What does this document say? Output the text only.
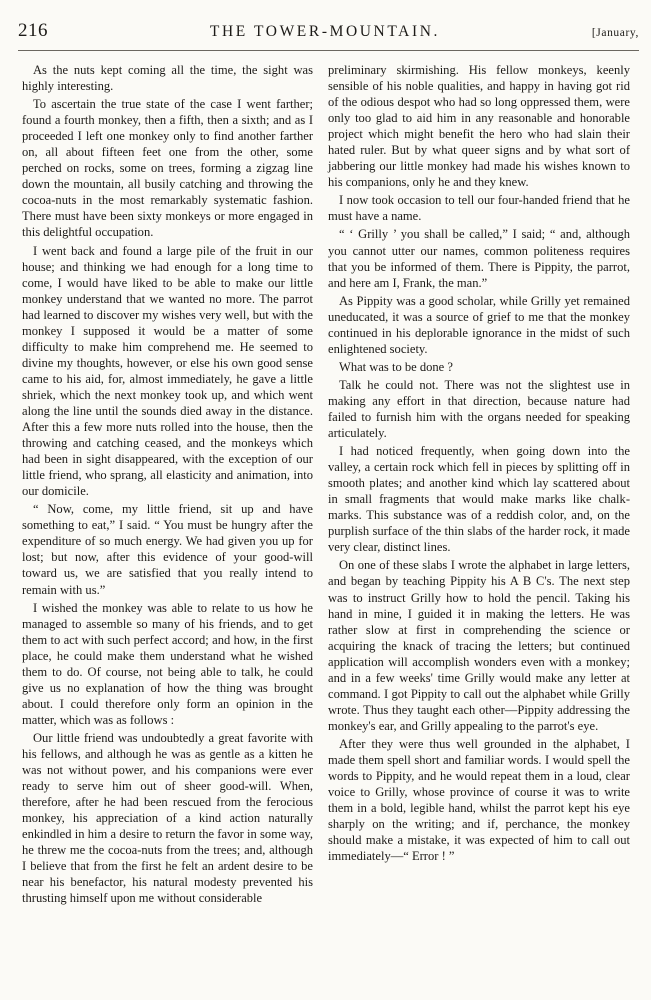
216	THE TOWER-MOUNTAIN.	[January,

As the nuts kept coming all the time, the sight was highly interesting.

To ascertain the true state of the case I went farther; found a fourth monkey, then a fifth, then a sixth; and as I proceeded I left one monkey only to find another farther on, all about fifteen feet one from the other, some perched on rocks, some on trees, forming a zigzag line down the mountain, all busily catching and throwing the cocoa-nuts in the most remarkably systematic fashion. There must have been sixty monkeys or more engaged in this delightful occupation.

I went back and found a large pile of the fruit in our house; and thinking we had enough for a long time to come, I would have liked to be able to make our little monkey understand that we wanted no more. The parrot had learned to discover my wishes very well, but with the monkey I supposed it would be a matter of some difficulty to make him comprehend me. He seemed to divine my thoughts, however, or else his own good sense came to his aid, for, almost immediately, he gave a little shriek, which the next monkey took up, and which went along the line until the sounds died away in the distance. After this a few more nuts rolled into the house, then the throwing and catching ceased, and the monkeys which had been in sight disappeared, with the exception of our little friend, who sprang, all elasticity and animation, into our domicile.

“ Now, come, my little friend, sit up and have something to eat,” I said. “ You must be hungry after the expenditure of so much energy. We had given you up for lost; but now, after this evidence of your good-will toward us, we are satisfied that you really intend to remain with us.”

I wished the monkey was able to relate to us how he managed to assemble so many of his friends, and to get them to act with such perfect accord; and how, in the first place, he could make them understand what he wished them to do. Of course, not being able to talk, he could give us no explanation of how the thing was brought about. I could therefore only form an opinion in the matter, which was as follows :

Our little friend was undoubtedly a great favorite with his fellows, and although he was as gentle as a kitten he was not without power, and his companions were ever ready to serve him out of sheer good-will. When, therefore, after he had been rescued from the ferocious monkey, his appreciation of a kind action naturally enkindled in him a desire to return the favor in some way, he threw me the cocoa-nuts from the trees; and, although I believe that from the first he felt an ardent desire to be near his benefactor, his natural modesty prevented his thrusting himself upon me without considerable

preliminary skirmishing. His fellow monkeys, keenly sensible of his noble qualities, and happy in having got rid of the odious despot who had so long oppressed them, were only too glad to aid him in any reasonable and honorable project which might benefit the hero who had slain their hated ruler. But by what queer signs and by what sort of jabbering our little monkey had made his wishes known to his companions, only he and they knew.

I now took occasion to tell our four-handed friend that he must have a name.

“ ‘ Grilly ’ you shall be called,” I said; “ and, although you cannot utter our names, common politeness requires that you be informed of them. There is Pippity, the parrot, and here am I, Frank, the man.”

As Pippity was a good scholar, while Grilly yet remained uneducated, it was a source of grief to me that the monkey continued in his deplorable ignorance in the midst of such enlightened society.

What was to be done ?

Talk he could not. There was not the slightest use in making any effort in that direction, because nature had failed to furnish him with the organs needed for speaking articulately.

I had noticed frequently, when going down into the valley, a certain rock which fell in pieces by splitting off in smooth plates; and another kind which lay scattered about in small fragments that would make marks like chalk-marks. This substance was of a reddish color, and, on the purplish surface of the thin slabs of the harder rock, it made very clear, distinct lines.

On one of these slabs I wrote the alphabet in large letters, and began by teaching Pippity his A B C's. The next step was to instruct Grilly how to hold the pencil. Taking his hand in mine, I guided it in making the letters. He was rather slow at first in comprehending the science or acquiring the knack of tracing the letters; but continued application will accomplish wonders even with a monkey; and in a few weeks' time Grilly would make any letter at command. I got Pippity to call out the alphabet while Grilly wrote. Thus they taught each other—Pippity addressing the monkey's ear, and Grilly appealing to the parrot's eye.

After they were thus well grounded in the alphabet, I made them spell short and familiar words. I would spell the words to Pippity, and he would repeat them in a loud, clear voice to Grilly, whose province of course it was to write them in a bold, legible hand, whilst the parrot kept his eye sharply on the writing; and if, perchance, the monkey should make a mistake, it was expected of him to call out immediately—“ Error ! ”
